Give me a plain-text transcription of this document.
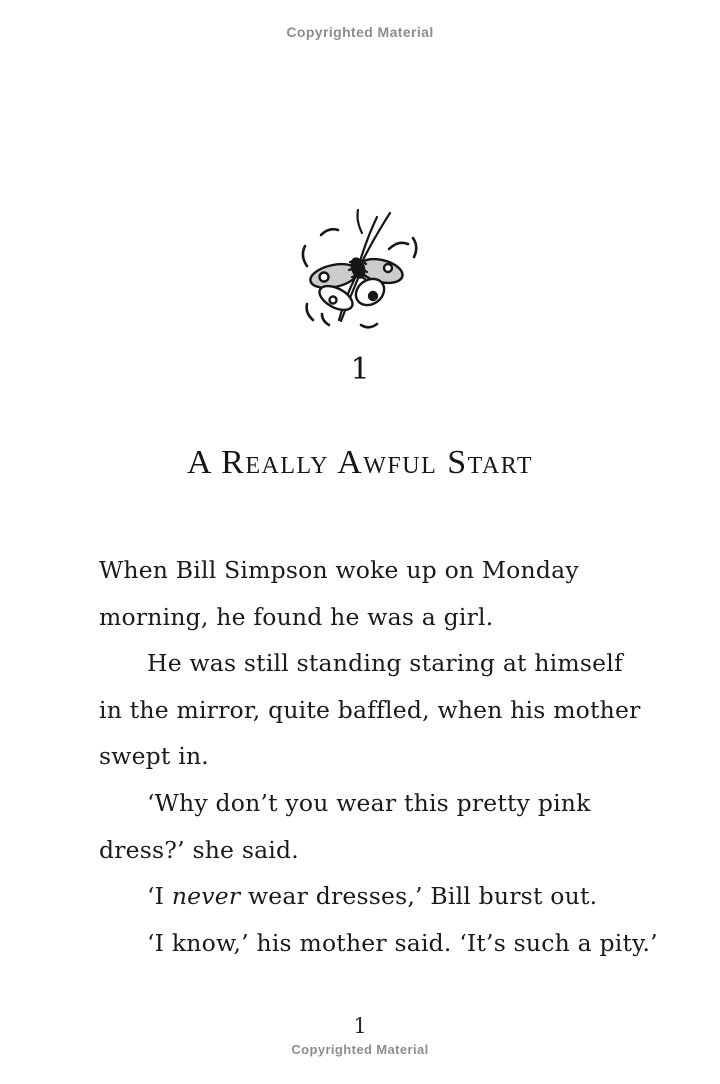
Copyrighted Material
1
A Really Awful Start
When Bill Simpson woke up on Monday
morning, he found he was a girl.
He was still standing staring at himself
in the mirror, quite baffled, when his mother
swept in.
‘Why don’t you wear this pretty pink
dress?’ she said.
‘I never wear dresses,’ Bill burst out.
‘I know,’ his mother said. ‘It’s such a pity.’
1
Copyrighted Material
